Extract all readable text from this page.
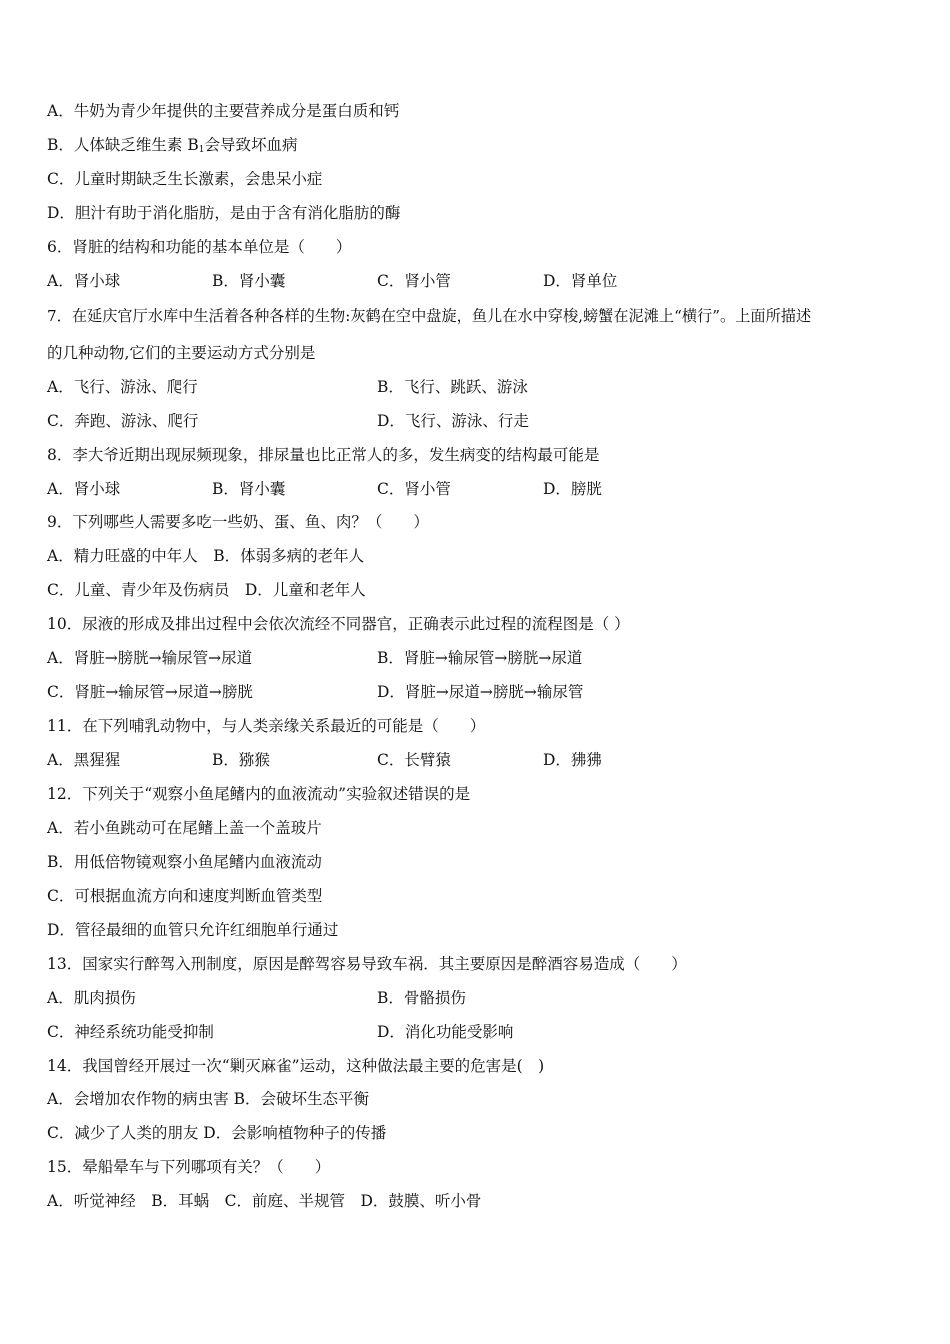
A．牛奶为青少年提供的主要营养成分是蛋白质和钙
B．人体缺乏维生素 $B_1$会导致坏血病
C．儿童时期缺乏生长激素，会患呆小症
D．胆汁有助于消化脂肪，是由于含有消化脂肪的酶
6．肾脏的结构和功能的基本单位是（　　）
A．肾小球	B．肾小囊	C．肾小管	D．肾单位
7．在延庆官厅水库中生活着各种各样的生物:灰鹤在空中盘旋，鱼儿在水中穿梭,螃蟹在泥滩上“横行”。上面所描述
的几种动物,它们的主要运动方式分别是
A．飞行、游泳、爬行	B．飞行、跳跃、游泳
C．奔跑、游泳、爬行	D．飞行、游泳、行走
8．李大爷近期出现尿频现象，排尿量也比正常人的多，发生病变的结构最可能是
A．肾小球	B．肾小囊	C．肾小管	D．膀胱
9．下列哪些人需要多吃一些奶、蛋、鱼、肉？（　　）
A．精力旺盛的中年人　B．体弱多病的老年人
C．儿童、青少年及伤病员　D．儿童和老年人
10．尿液的形成及排出过程中会依次流经不同器官，正确表示此过程的流程图是（ ）
A．肾脏→膀胱→输尿管→尿道	B．肾脏→输尿管→膀胱→尿道
C．肾脏→输尿管→尿道→膀胱	D．肾脏→尿道→膀胱→输尿管
11．在下列哺乳动物中，与人类亲缘关系最近的可能是（　　）
A．黑猩猩	B．猕猴	C．长臂猿	D．狒狒
12．下列关于“观察小鱼尾鳍内的血液流动”实验叙述错误的是
A．若小鱼跳动可在尾鳍上盖一个盖玻片
B．用低倍物镜观察小鱼尾鳍内血液流动
C．可根据血流方向和速度判断血管类型
D．管径最细的血管只允许红细胞单行通过
13．国家实行醉驾入刑制度，原因是醉驾容易导致车祸．其主要原因是醉酒容易造成（　　）
A．肌肉损伤	B．骨骼损伤
C．神经系统功能受抑制	D．消化功能受影响
14．我国曾经开展过一次“剿灭麻雀”运动，这种做法最主要的危害是(　)
A．会增加农作物的病虫害 B．会破坏生态平衡
C．减少了人类的朋友 D．会影响植物种子的传播
15．晕船晕车与下列哪项有关？（　　）
A．听觉神经　B．耳蜗　C．前庭、半规管　D．鼓膜、听小骨
